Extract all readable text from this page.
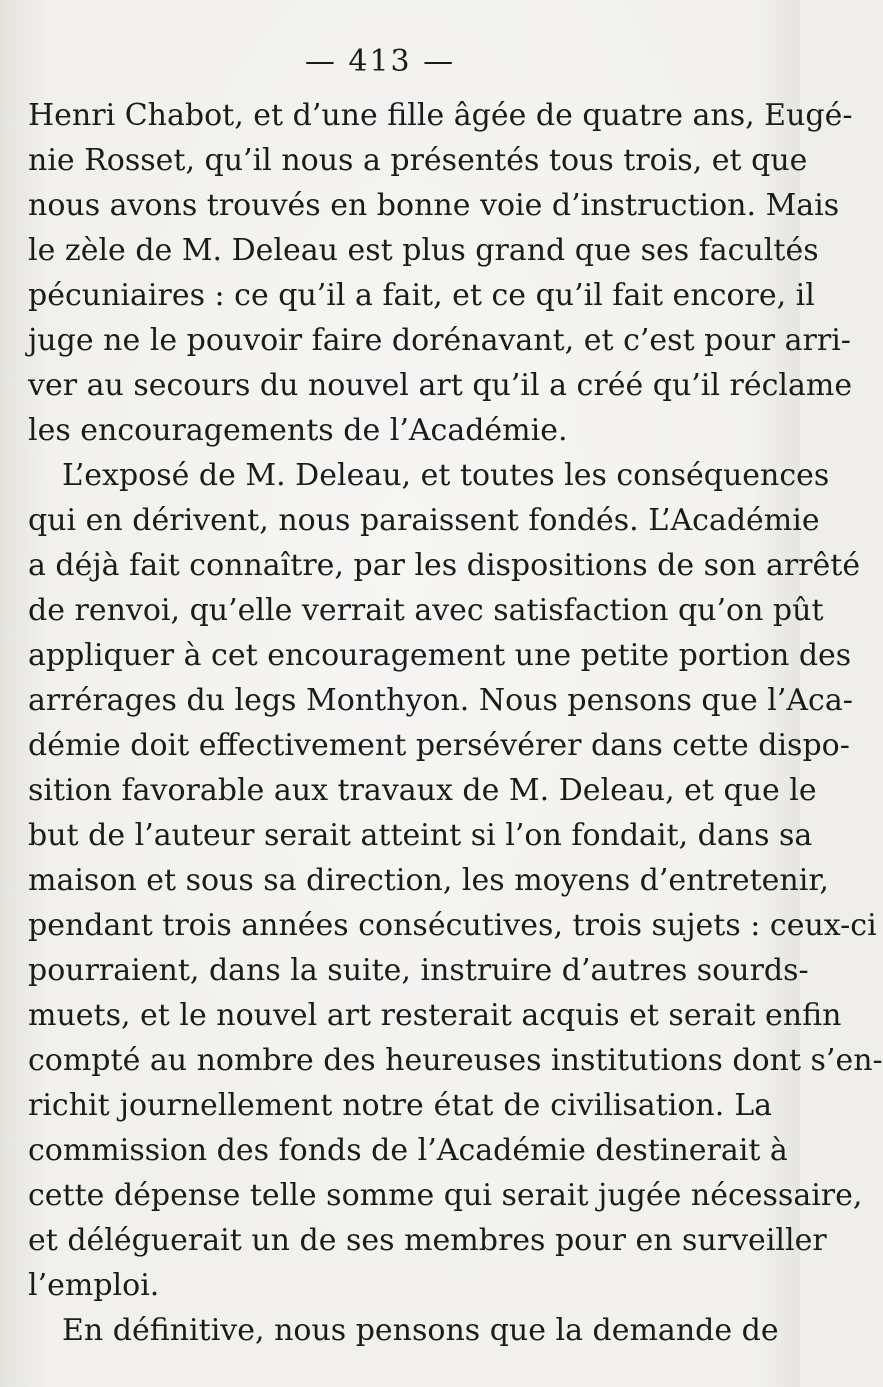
— 413 —
Henri Chabot, et d’une fille âgée de quatre ans, Eugé-
nie Rosset, qu’il nous a présentés tous trois, et que
nous avons trouvés en bonne voie d’instruction. Mais
le zèle de M. Deleau est plus grand que ses facultés
pécuniaires : ce qu’il a fait, et ce qu’il fait encore, il
juge ne le pouvoir faire dorénavant, et c’est pour arri-
ver au secours du nouvel art qu’il a créé qu’il réclame
les encouragements de l’Académie.
L’exposé de M. Deleau, et toutes les conséquences
qui en dérivent, nous paraissent fondés. L’Académie
a déjà fait connaître, par les dispositions de son arrêté
de renvoi, qu’elle verrait avec satisfaction qu’on pût
appliquer à cet encouragement une petite portion des
arrérages du legs Monthyon. Nous pensons que l’Aca-
démie doit effectivement persévérer dans cette dispo-
sition favorable aux travaux de M. Deleau, et que le
but de l’auteur serait atteint si l’on fondait, dans sa
maison et sous sa direction, les moyens d’entretenir,
pendant trois années consécutives, trois sujets : ceux-ci
pourraient, dans la suite, instruire d’autres sourds-
muets, et le nouvel art resterait acquis et serait enfin
compté au nombre des heureuses institutions dont s’en-
richit journellement notre état de civilisation. La
commission des fonds de l’Académie destinerait à
cette dépense telle somme qui serait jugée nécessaire,
et déléguerait un de ses membres pour en surveiller
l’emploi.
En définitive, nous pensons que la demande de
